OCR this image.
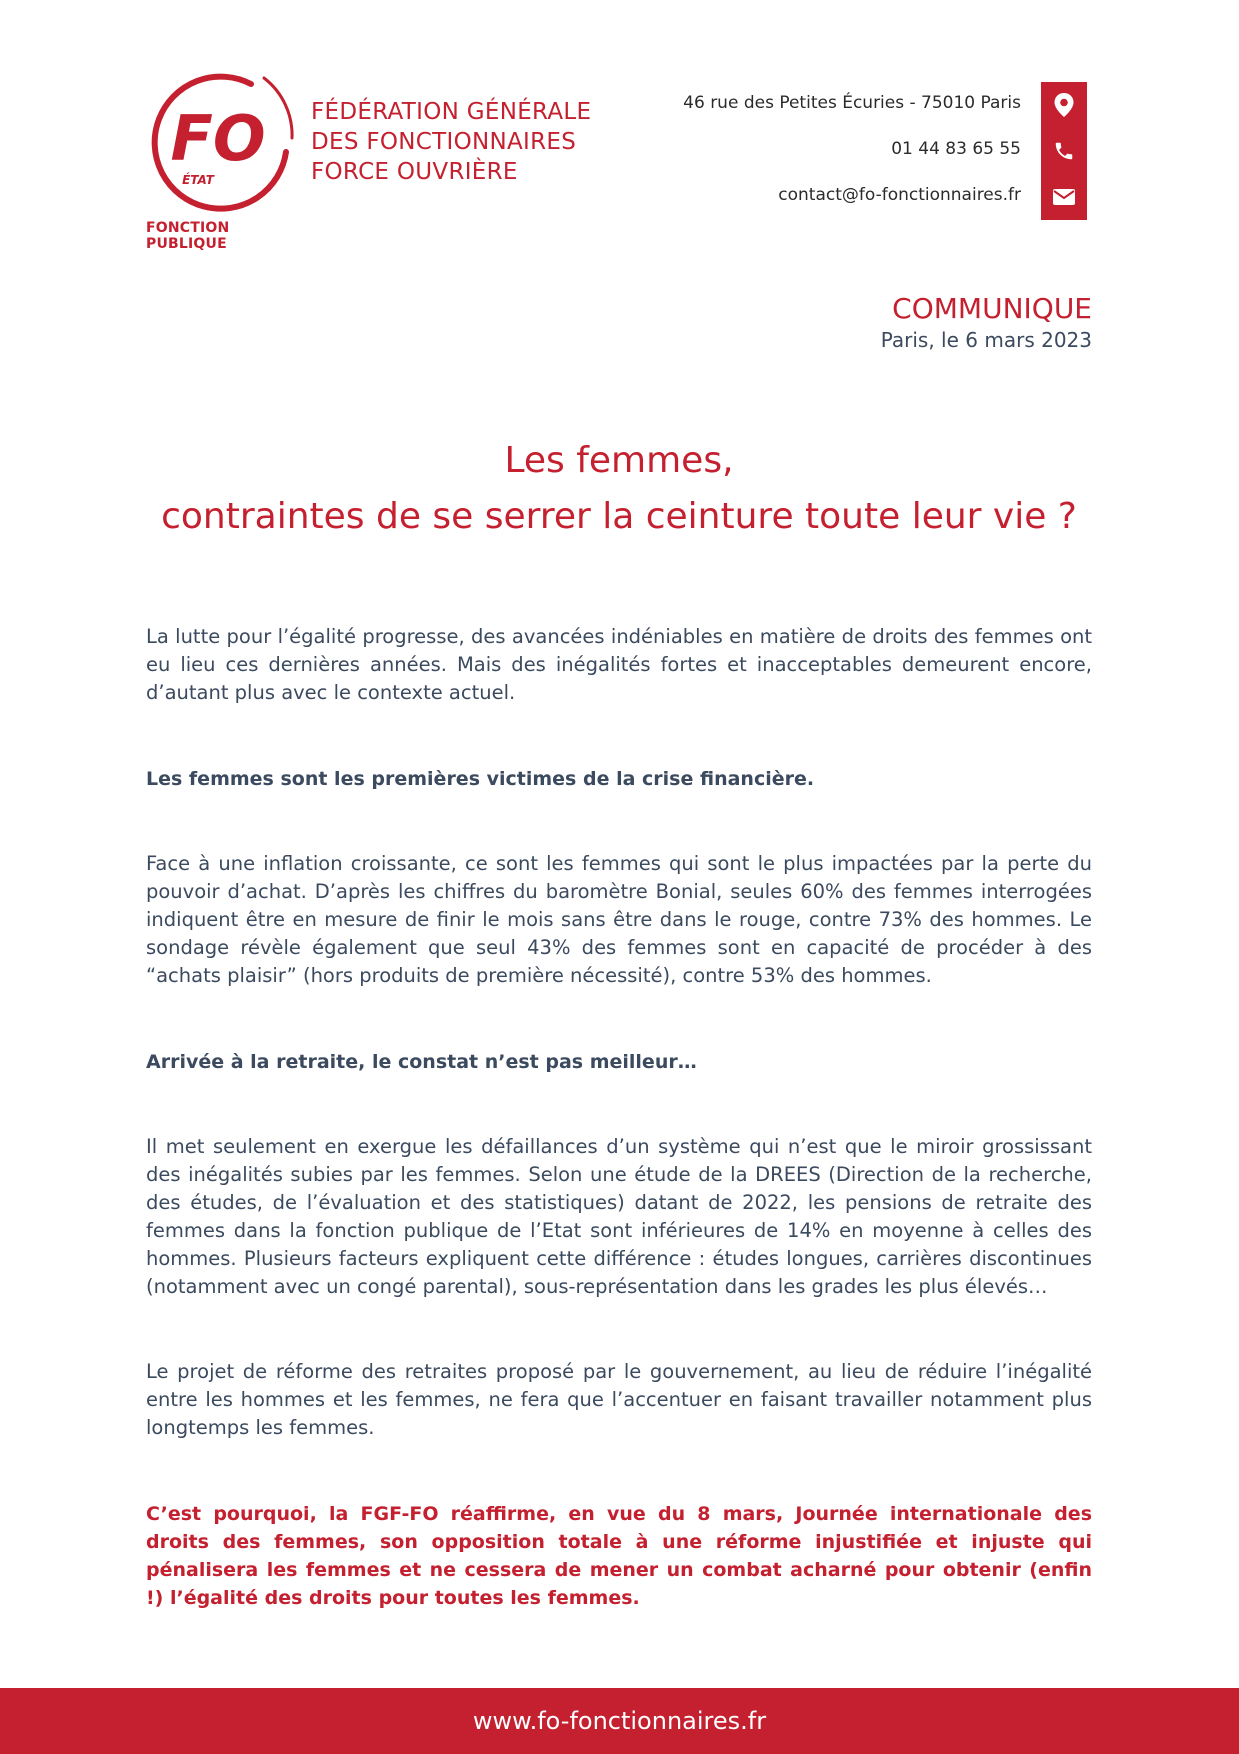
FO
ÉTAT
FONCTION PUBLIQUE
FÉDÉRATION GÉNÉRALE
DES FONCTIONNAIRES
FORCE OUVRIÈRE
46 rue des Petites Écuries - 75010 Paris
01 44 83 65 55
contact@fo-fonctionnaires.fr
COMMUNIQUE
Paris, le 6 mars 2023
Les femmes,
contraintes de se serrer la ceinture toute leur vie ?
La lutte pour l’égalité progresse, des avancées indéniables en matière de droits des femmes ont eu lieu ces dernières années. Mais des inégalités fortes et inacceptables demeurent encore, d’autant plus avec le contexte actuel.
Les femmes sont les premières victimes de la crise financière.
Face à une inflation croissante, ce sont les femmes qui sont le plus impactées par la perte du pouvoir d’achat. D’après les chiffres du baromètre Bonial, seules 60% des femmes interrogées indiquent être en mesure de finir le mois sans être dans le rouge, contre 73% des hommes. Le sondage révèle également que seul 43% des femmes sont en capacité de procéder à des “achats plaisir” (hors produits de première nécessité), contre 53% des hommes.
Arrivée à la retraite, le constat n’est pas meilleur…
Il met seulement en exergue les défaillances d’un système qui n’est que le miroir grossissant des inégalités subies par les femmes. Selon une étude de la DREES (Direction de la recherche, des études, de l’évaluation et des statistiques) datant de 2022, les pensions de retraite des femmes dans la fonction publique de l’Etat sont inférieures de 14% en moyenne à celles des hommes. Plusieurs facteurs expliquent cette différence : études longues, carrières discontinues (notamment avec un congé parental), sous-représentation dans les grades les plus élevés…
Le projet de réforme des retraites proposé par le gouvernement, au lieu de réduire l’inégalité entre les hommes et les femmes, ne fera que l’accentuer en faisant travailler notamment plus longtemps les femmes.
C’est pourquoi, la FGF-FO réaffirme, en vue du 8 mars, Journée internationale des droits des femmes, son opposition totale à une réforme injustifiée et injuste qui pénalisera les femmes et ne cessera de mener un combat acharné pour obtenir (enfin !) l’égalité des droits pour toutes les femmes.
www.fo-fonctionnaires.fr
